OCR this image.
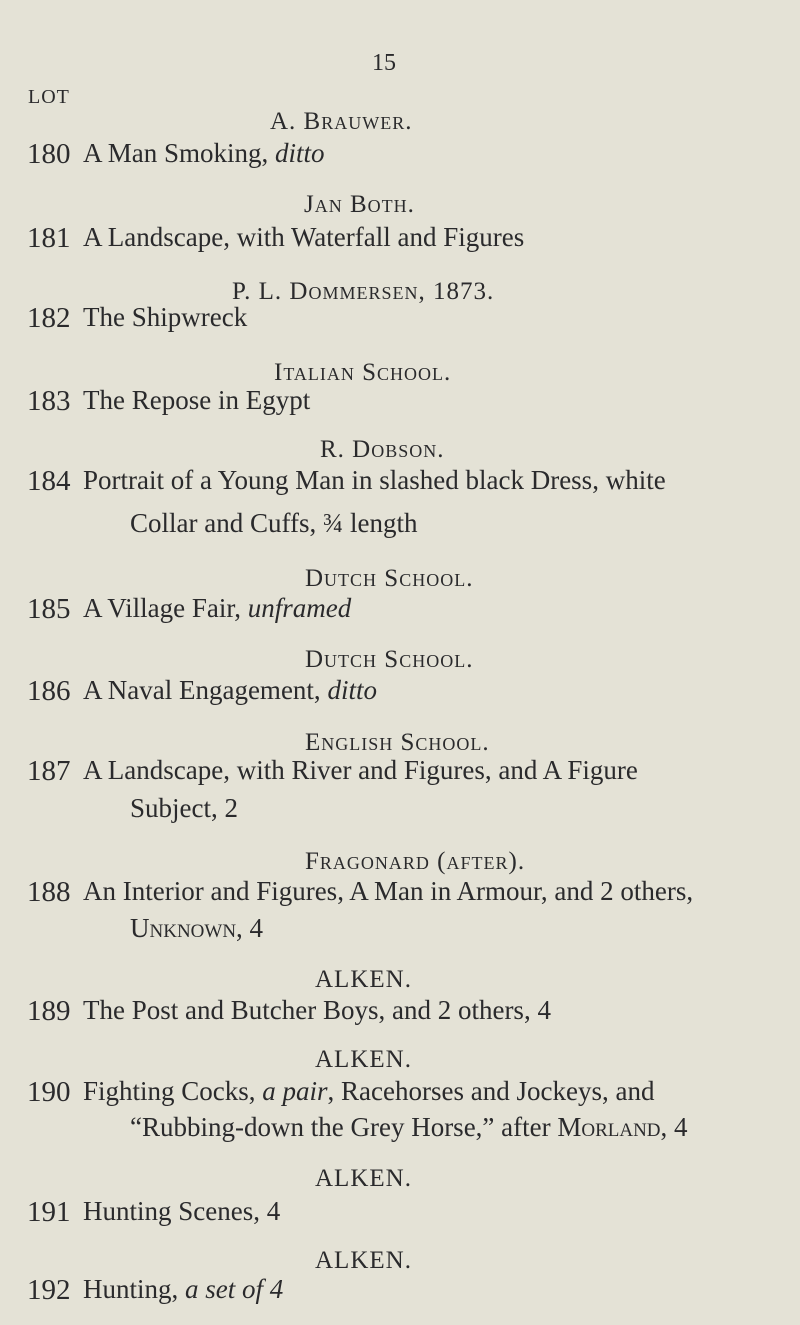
LOT
15
A. Brauwer.
180 A Man Smoking, ditto
Jan Both.
181 A Landscape, with Waterfall and Figures
P. L. Dommersen, 1873.
182 The Shipwreck
Italian School.
183 The Repose in Egypt
R. Dobson.
184 Portrait of a Young Man in slashed black Dress, white
Collar and Cuffs, ¾ length
Dutch School.
185 A Village Fair, unframed
Dutch School.
186 A Naval Engagement, ditto
English School.
187 A Landscape, with River and Figures, and A Figure
Subject, 2
Fragonard (after).
188 An Interior and Figures, A Man in Armour, and 2 others,
Unknown, 4
ALKEN.
189 The Post and Butcher Boys, and 2 others, 4
ALKEN.
190 Fighting Cocks, a pair, Racehorses and Jockeys, and
“Rubbing-down the Grey Horse,” after Morland, 4
ALKEN.
191 Hunting Scenes, 4
ALKEN.
192 Hunting, a set of 4
